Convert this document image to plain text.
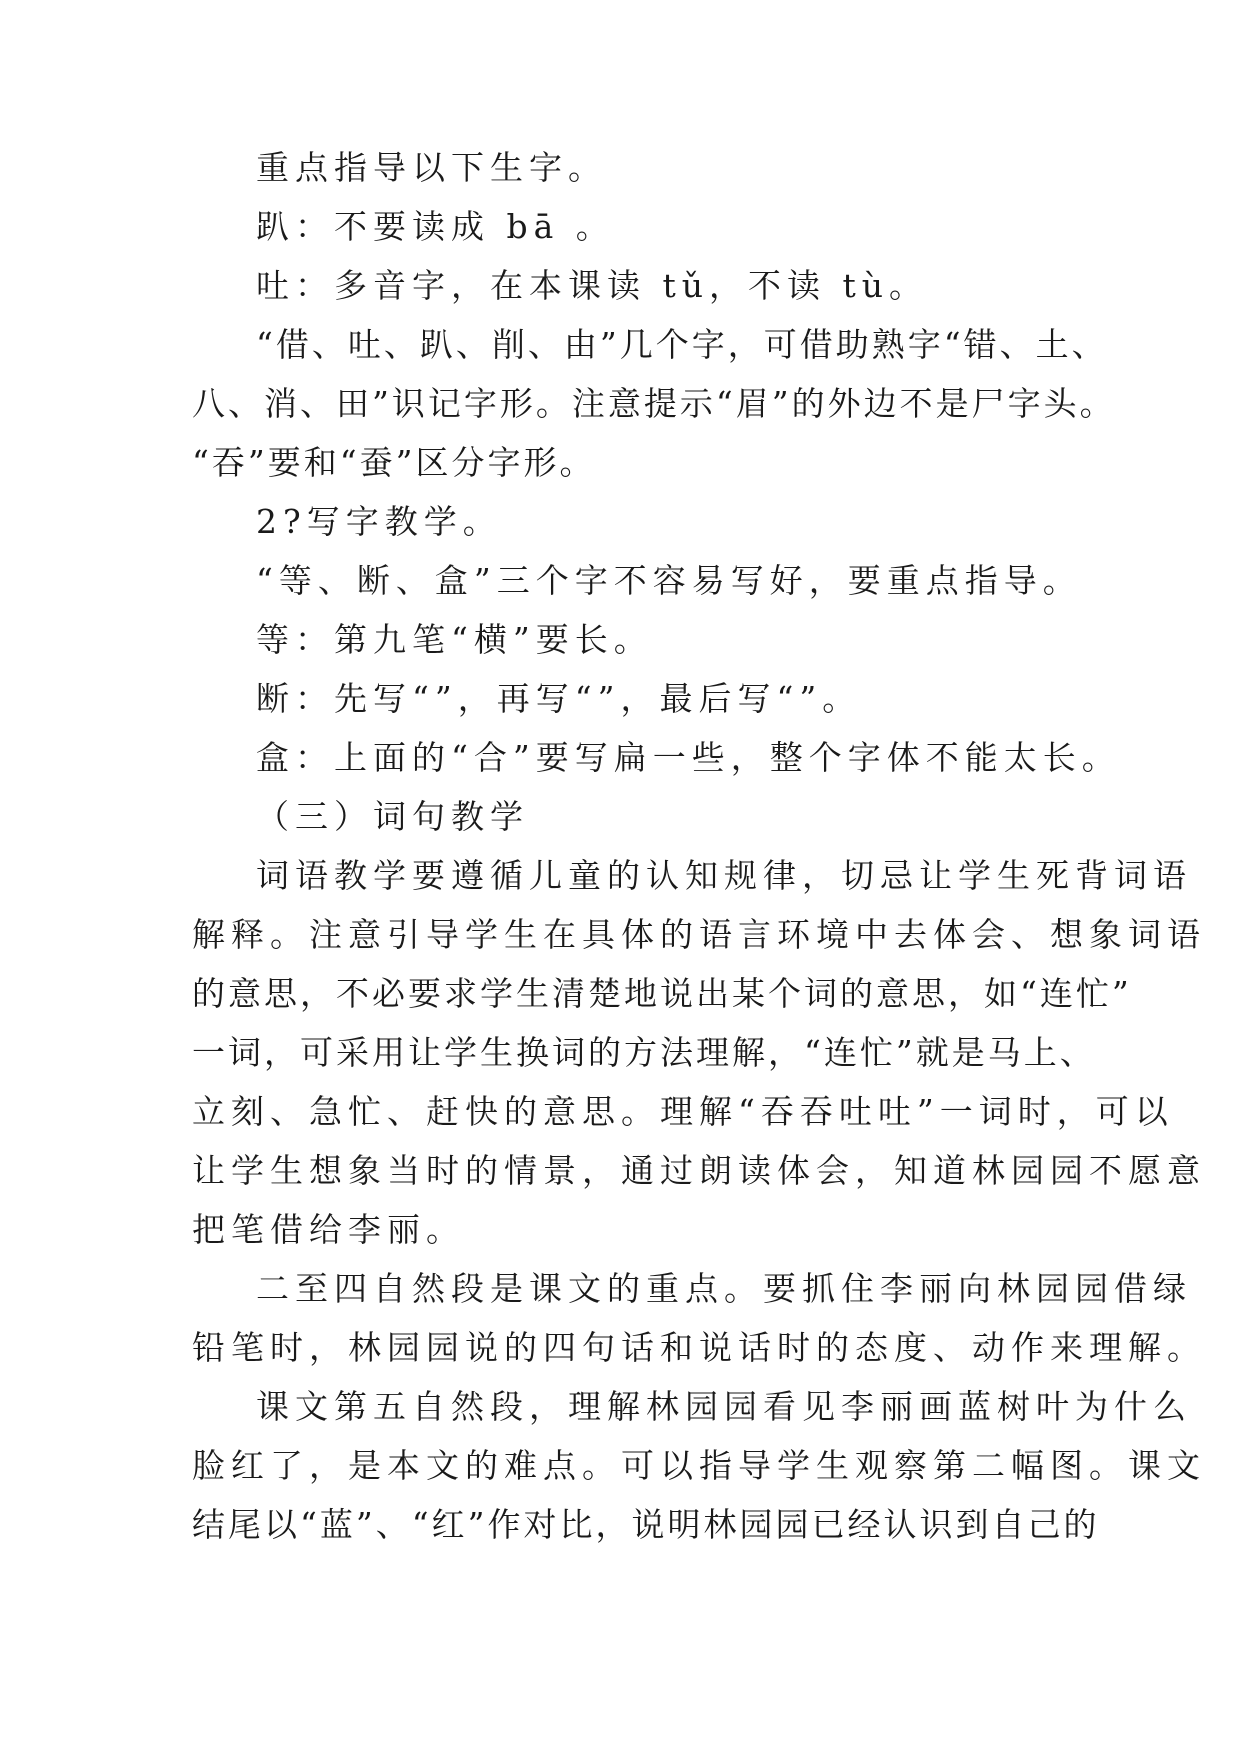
重点指导以下生字。
趴：不要读成 bā 。
吐：多音字，在本课读 tǔ，不读 tù。
“借、吐、趴、削、由”几个字，可借助熟字“错、土、
八、消、田”识记字形。注意提示“眉”的外边不是尸字头。
“吞”要和“蚕”区分字形。
2?写字教学。
“等、断、盒”三个字不容易写好，要重点指导。
等：第九笔“横”要长。
断：先写“”，再写“”，最后写“”。
盒：上面的“合”要写扁一些，整个字体不能太长。
（三）词句教学
词语教学要遵循儿童的认知规律，切忌让学生死背词语
解释。注意引导学生在具体的语言环境中去体会、想象词语
的意思，不必要求学生清楚地说出某个词的意思，如“连忙”
一词，可采用让学生换词的方法理解，“连忙”就是马上、
立刻、急忙、赶快的意思。理解“吞吞吐吐”一词时，可以
让学生想象当时的情景，通过朗读体会，知道林园园不愿意
把笔借给李丽。
二至四自然段是课文的重点。要抓住李丽向林园园借绿
铅笔时，林园园说的四句话和说话时的态度、动作来理解。
课文第五自然段，理解林园园看见李丽画蓝树叶为什么
脸红了，是本文的难点。可以指导学生观察第二幅图。课文
结尾以“蓝”、“红”作对比，说明林园园已经认识到自己的
